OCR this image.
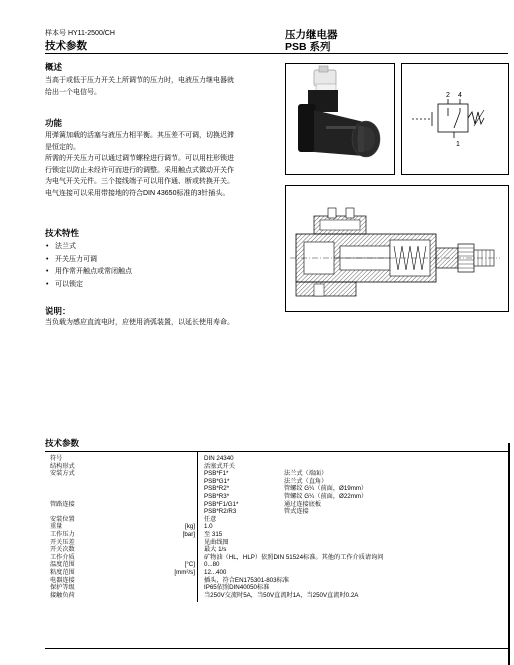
样本号 HY11-2500/CH
技术参数
压力继电器
PSB 系列
概述
当高于或低于压力开关上所调节的压力时，电液压力继电器就
给出一个电信号。
功能
用弹簧加载的活塞与液压力相平衡。其压差不可调，切换迟滞
是恒定的。
所需的开关压力可以通过调节螺栓进行调节。可以用柱形锁进
行锁定以防止未经许可而进行的调整。采用触点式微动开关作
为电气开关元件。三个接线端子可以用作通、断或转换开关。
电气连接可以采用带接地的符合DIN 43650标准的3针插头。
技术特性
• 法兰式
• 开关压力可调
• 用作常开触点或常闭触点
• 可以锁定
说明：
当负载为感应直流电时，应使用消弧装置，以延长使用寿命。
2 4
1
技术参数
符号		DIN 24340	
结构形式		活塞式开关	
安装方式		PSB*F1*	法兰式（端面）
		PSB*G1*	法兰式（直角）
		PSB*R2*	管螺纹 G¼（前面，Ø19mm）
		PSB*R3*	管螺纹 G¼（前面，Ø22mm）
管路连接		PSB*F1/G1*	通过连接底板
		PSB*R2/R3	管式连接
安装位置		任意	
重量	[kg]	1.0	
工作压力	[bar]	至 315	
开关压差		见曲线图	
开关次数		最大 1/s	
工作介质		矿物油（HL，HLP）依照DIN 51524标准。其他的工作介质请询问	
温度范围	[°C]	0...80	
粘度范围	[mm²/s]	12...400	
电器连接		插头，符合EN175301-803标准	
保护等级		IP65依照DIN40050标准	
接触负荷		当250V交流时5A，当50V直流时1A，当250V直流时0.2A	
